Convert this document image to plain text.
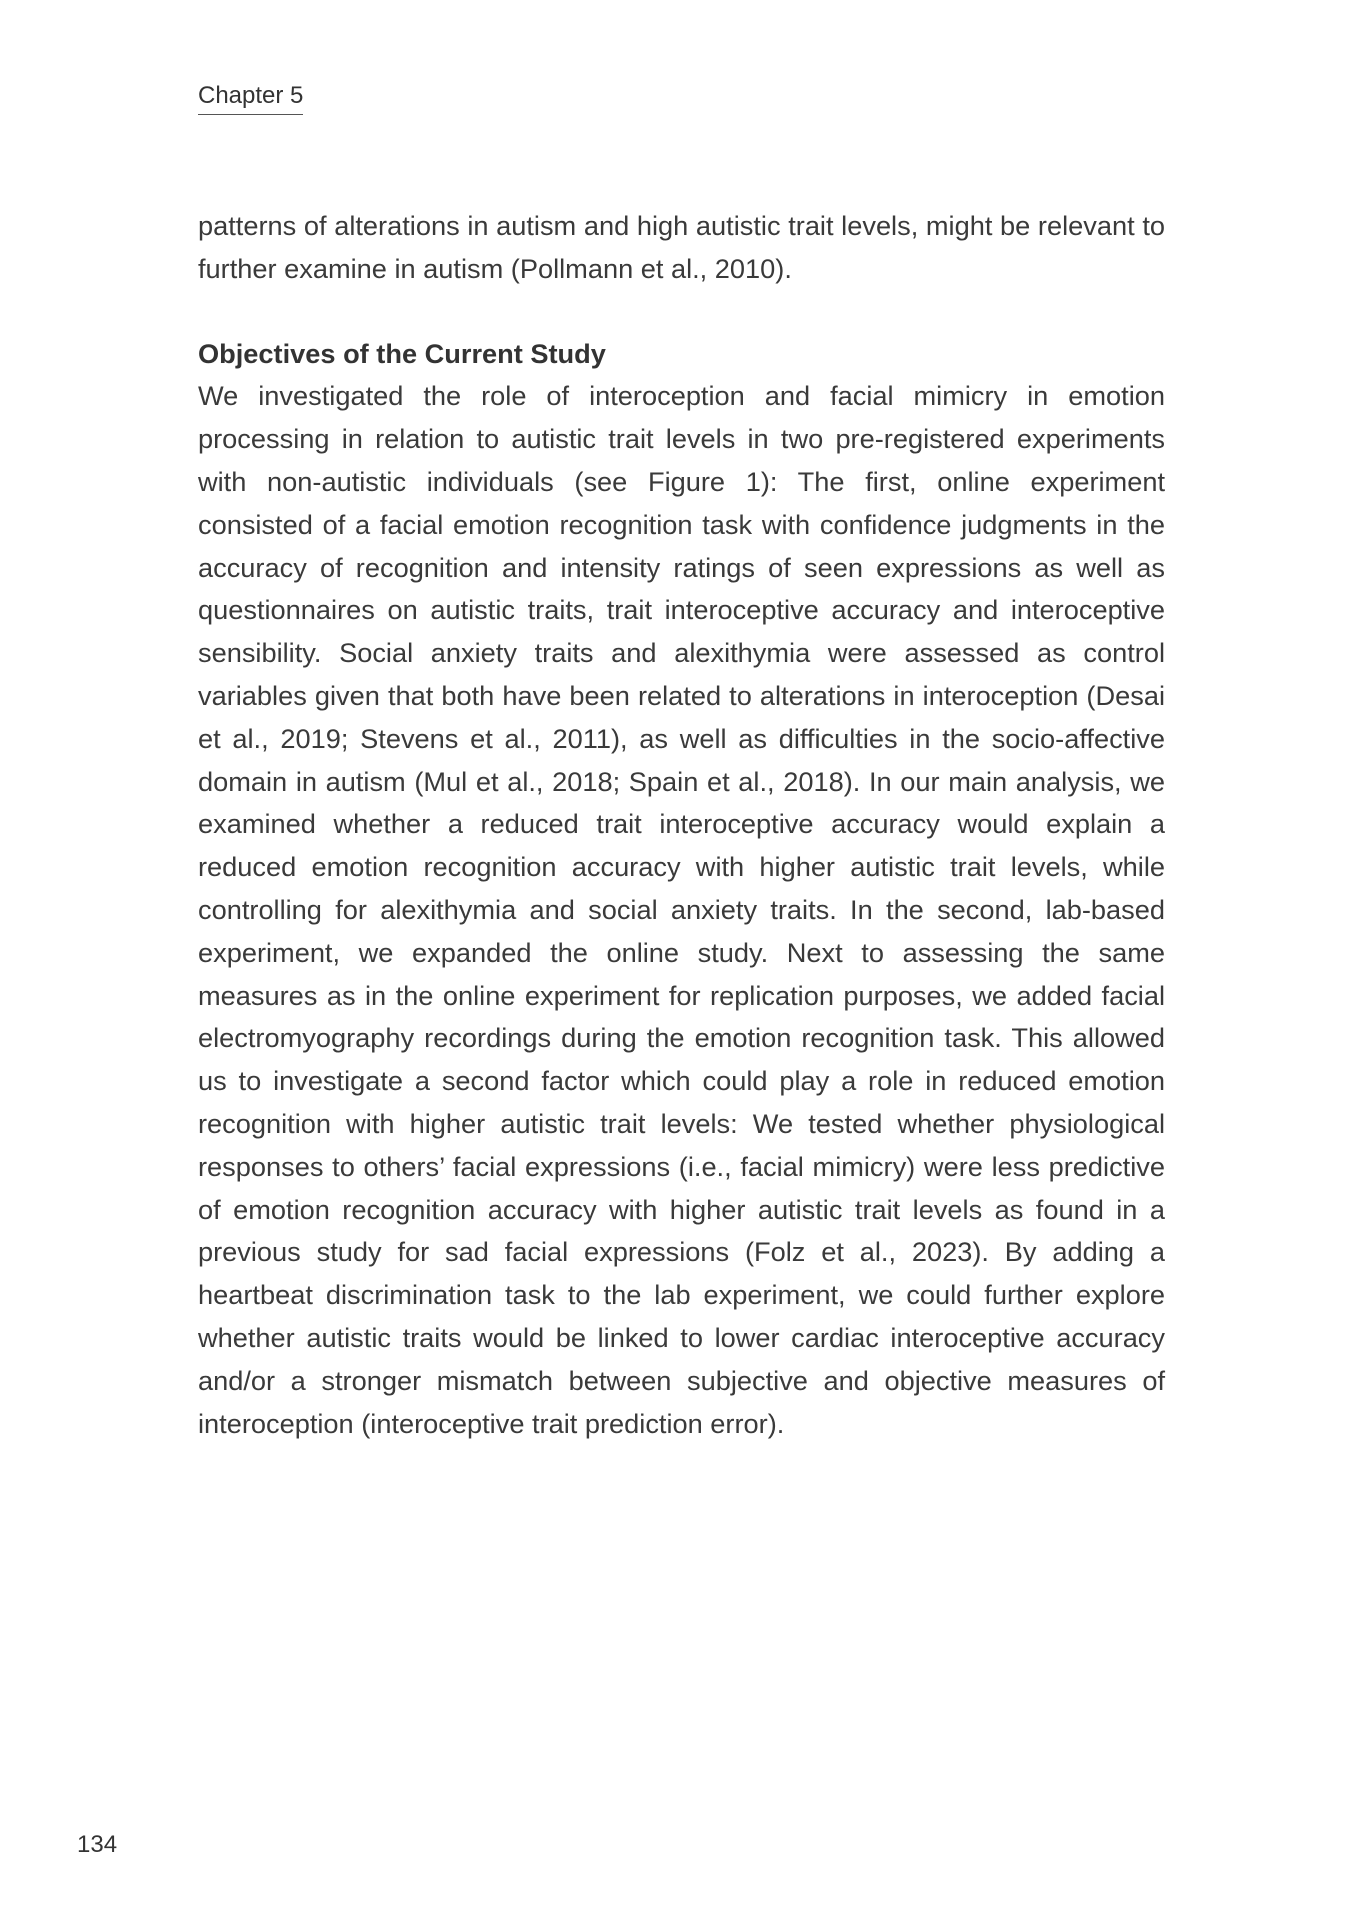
Chapter 5

patterns of alterations in autism and high autistic trait levels, might be relevant to further examine in autism (Pollmann et al., 2010).

Objectives of the Current Study

We investigated the role of interoception and facial mimicry in emotion processing in relation to autistic trait levels in two pre-registered experiments with non-autistic individuals (see Figure 1): The first, online experiment consisted of a facial emotion recognition task with confidence judgments in the accuracy of recognition and intensity ratings of seen expressions as well as questionnaires on autistic traits, trait interoceptive accuracy and interoceptive sensibility. Social anxiety traits and alexithymia were assessed as control variables given that both have been related to alterations in interoception (Desai et al., 2019; Stevens et al., 2011), as well as difficulties in the socio-affective domain in autism (Mul et al., 2018; Spain et al., 2018). In our main analysis, we examined whether a reduced trait interoceptive accuracy would explain a reduced emotion recognition accuracy with higher autistic trait levels, while controlling for alexithymia and social anxiety traits. In the second, lab-based experiment, we expanded the online study. Next to assessing the same measures as in the online experiment for replication purposes, we added facial electromyography recordings during the emotion recognition task. This allowed us to investigate a second factor which could play a role in reduced emotion recognition with higher autistic trait levels: We tested whether physiological responses to others’ facial expressions (i.e., facial mimicry) were less predictive of emotion recognition accuracy with higher autistic trait levels as found in a previous study for sad facial expressions (Folz et al., 2023). By adding a heartbeat discrimination task to the lab experiment, we could further explore whether autistic traits would be linked to lower cardiac interoceptive accuracy and/or a stronger mismatch between subjective and objective measures of interoception (interoceptive trait prediction error).

134
